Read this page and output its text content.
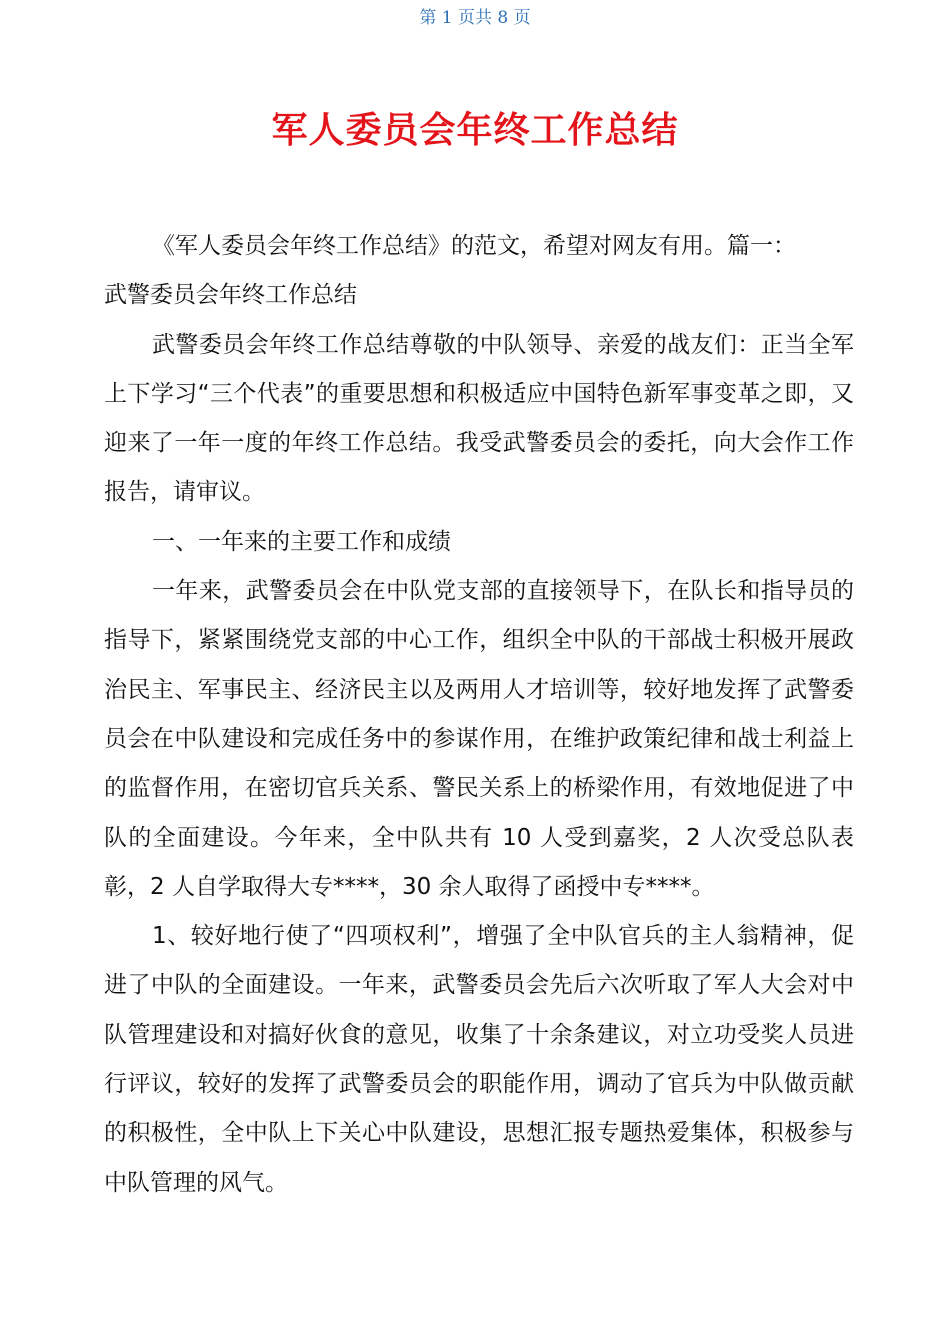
第 1 页共 8 页
军人委员会年终工作总结

《军人委员会年终工作总结》的范文，希望对网友有用。篇一：

武警委员会年终工作总结

武警委员会年终工作总结尊敬的中队领导、亲爱的战友们：正当全军上下学习“三个代表”的重要思想和积极适应中国特色新军事变革之即，又迎来了一年一度的年终工作总结。我受武警委员会的委托，向大会作工作报告，请审议。

一、一年来的主要工作和成绩

一年来，武警委员会在中队党支部的直接领导下，在队长和指导员的指导下，紧紧围绕党支部的中心工作，组织全中队的干部战士积极开展政治民主、军事民主、经济民主以及两用人才培训等，较好地发挥了武警委员会在中队建设和完成任务中的参谋作用，在维护政策纪律和战士利益上的监督作用，在密切官兵关系、警民关系上的桥梁作用，有效地促进了中队的全面建设。今年来，全中队共有 10 人受到嘉奖，2 人次受总队表彰，2 人自学取得大专****，30 余人取得了函授中专****。

1、较好地行使了“四项权利”，增强了全中队官兵的主人翁精神，促进了中队的全面建设。一年来，武警委员会先后六次听取了军人大会对中队管理建设和对搞好伙食的意见，收集了十余条建议，对立功受奖人员进行评议，较好的发挥了武警委员会的职能作用，调动了官兵为中队做贡献的积极性，全中队上下关心中队建设，思想汇报专题热爱集体，积极参与中队管理的风气。
